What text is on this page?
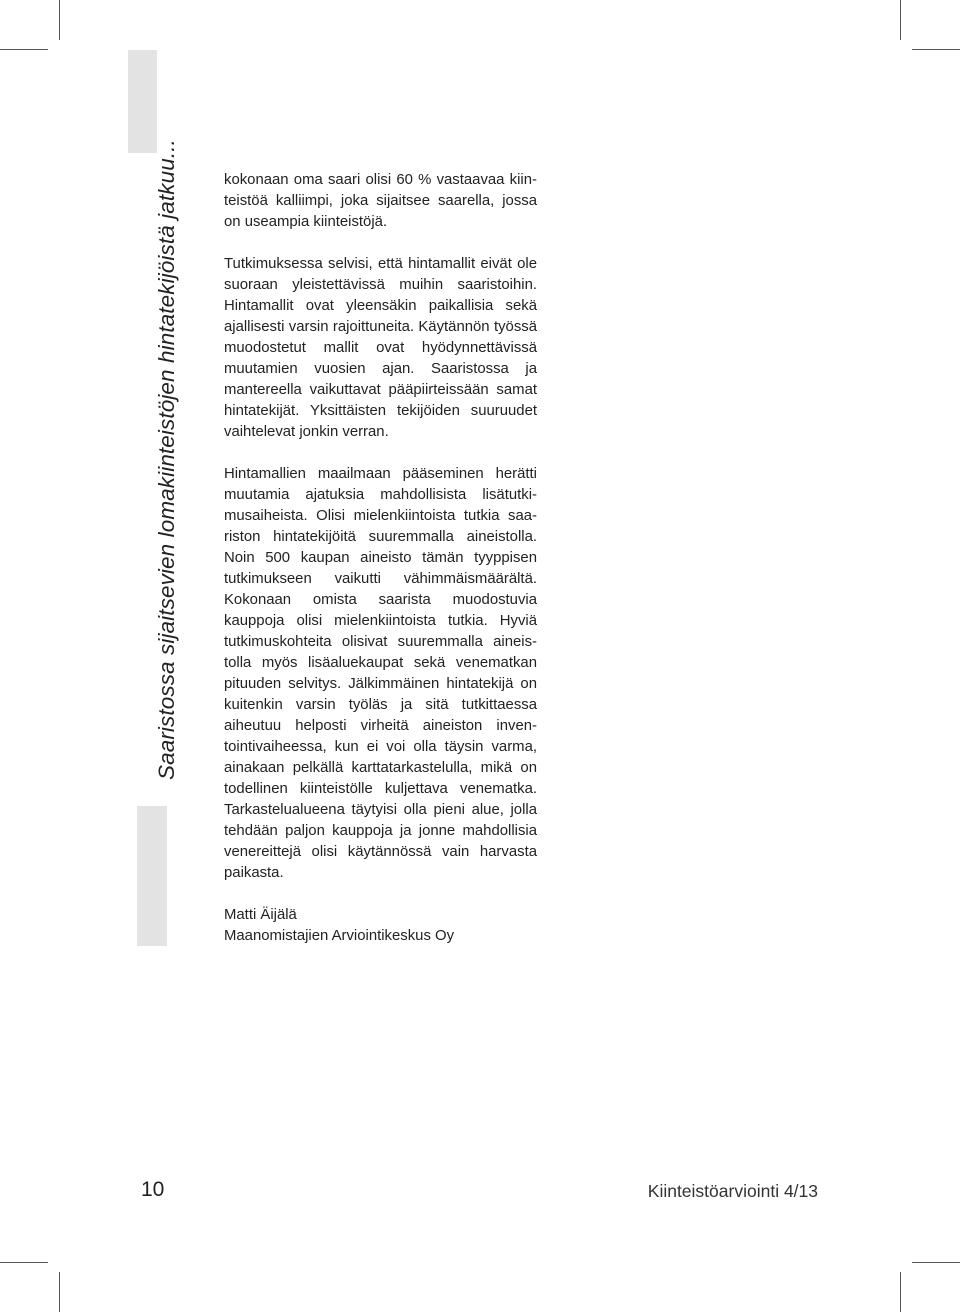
Saaristossa sijaitsevien lomakiinteistöjen hintatekijöistä jatkuu...	kokonaan oma saari olisi 60 % vastaavaa kiinteistöä kalliimpi, joka sijaitsee saarella, jossa on useampia kiinteistöjä.

Tutkimuksessa selvisi, että hintamallit eivät ole suoraan yleistettävissä muihin saaristoihin. Hintamallit ovat yleensäkin paikallisia sekä ajallisesti varsin rajoittuneita. Käytännön työssä muodostetut mallit ovat hyödynnettävissä muutamien vuosien ajan. Saaristossa ja mantereella vaikuttavat pääpiirteissään samat hintatekijät. Yksittäisten tekijöiden suuruudet vaihtelevat jonkin verran.

Hintamallien maailmaan pääseminen herätti muutamia ajatuksia mahdollisista lisätutkimusaiheista. Olisi mielenkiintoista tutkia saariston hintatekijöitä suuremmalla aineistolla. Noin 500 kaupan aineisto tämän tyyppisen tutkimukseen vaikutti vähimmäismäärältä. Kokonaan omista saarista muodostuvia kauppoja olisi mielenkiintoista tutkia. Hyviä tutkimuskohteita olisivat suuremmalla aineistolla myös lisäaluekaupat sekä venematkan pituuden selvitys. Jälkimmäinen hintatekijä on kuitenkin varsin työläs ja sitä tutkittaessa aiheutuu helposti virheitä aineiston inventointivaiheessa, kun ei voi olla täysin varma, ainakaan pelkällä karttatarkastelulla, mikä on todellinen kiinteistölle kuljettava venematka. Tarkastelualueena täytyisi olla pieni alue, jolla tehdään paljon kauppoja ja jonne mahdollisia venereittejä olisi käytännössä vain harvasta paikasta.

Matti Äijälä
Maanomistajien Arviointikeskus Oy
10	Kiinteistöarviointi 4/13
